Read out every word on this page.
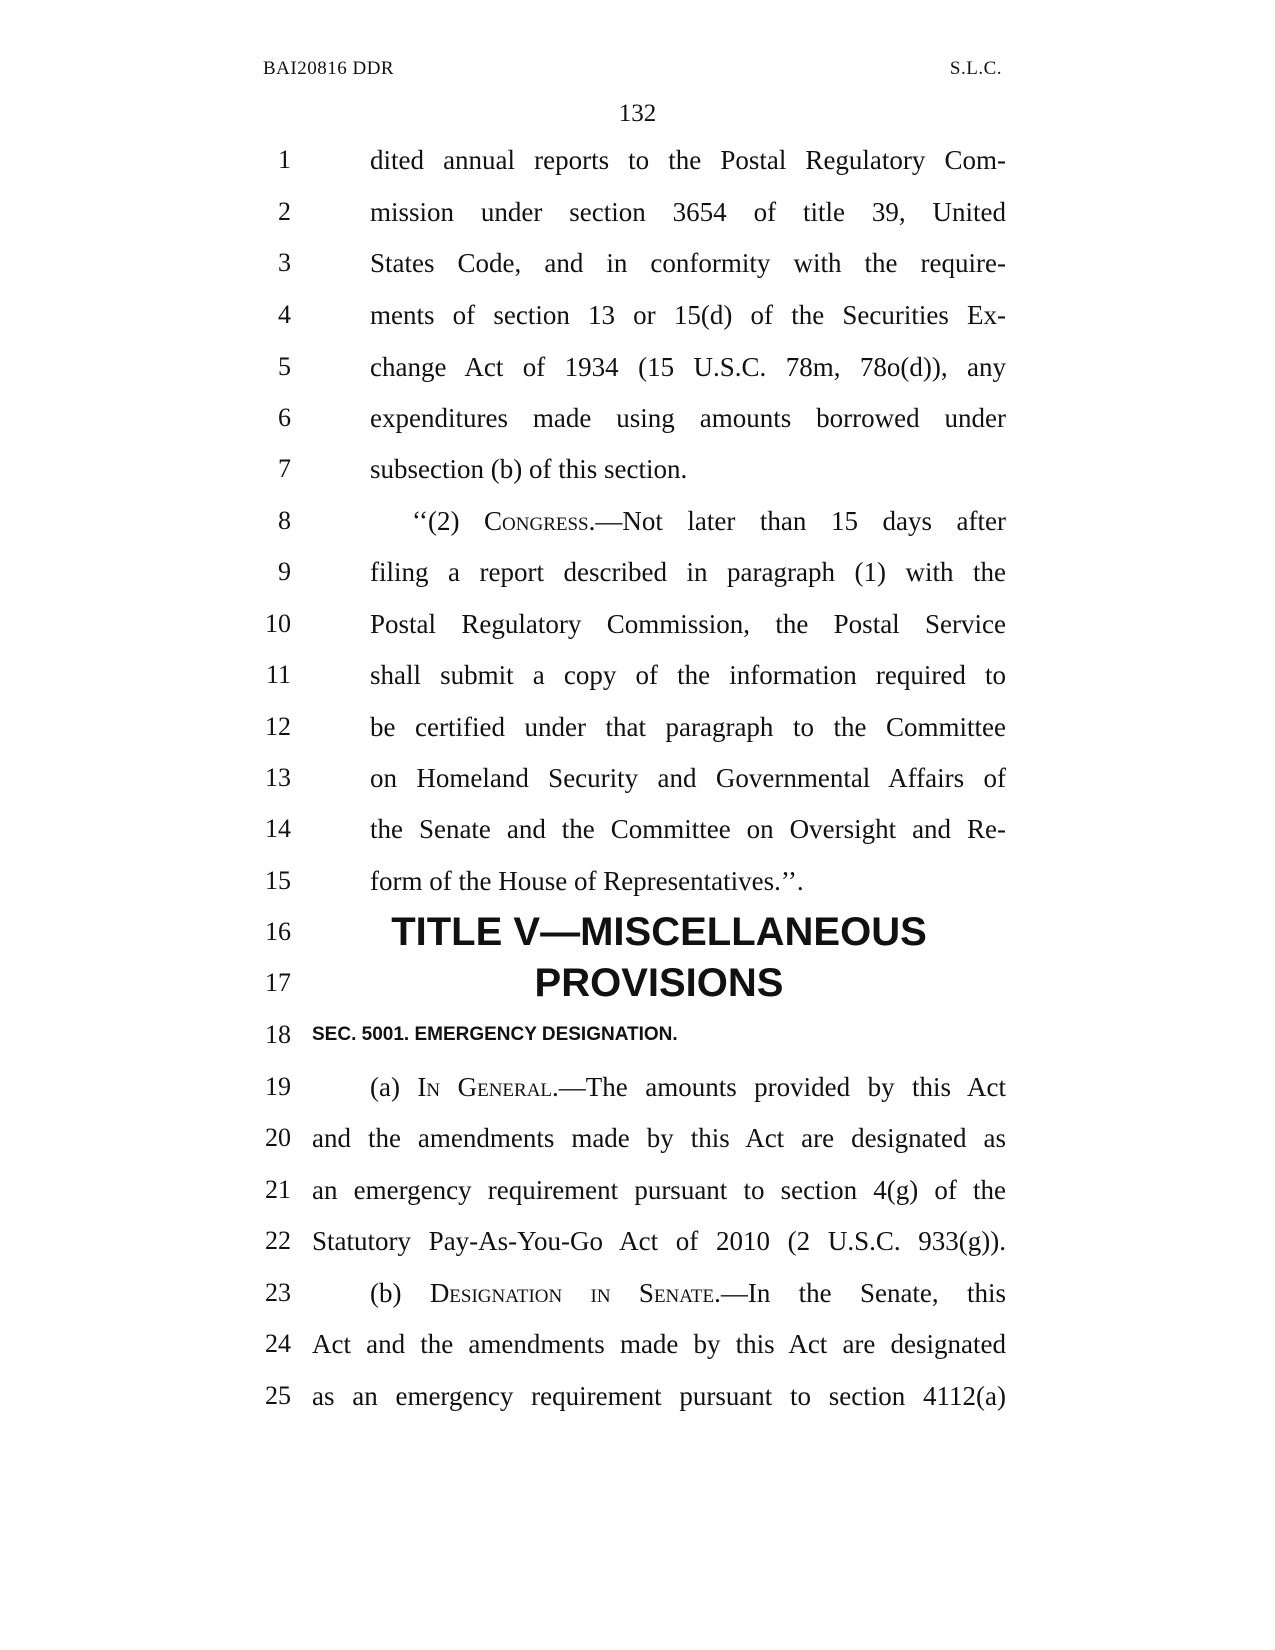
BAI20816 DDR	S.L.C.
132
1	dited annual reports to the Postal Regulatory Com-
2	mission under section 3654 of title 39, United
3	States Code, and in conformity with the require-
4	ments of section 13 or 15(d) of the Securities Ex-
5	change Act of 1934 (15 U.S.C. 78m, 78o(d)), any
6	expenditures made using amounts borrowed under
7	subsection (b) of this section.
8	‘‘(2) Congress.—Not later than 15 days after
9	filing a report described in paragraph (1) with the
10	Postal Regulatory Commission, the Postal Service
11	shall submit a copy of the information required to
12	be certified under that paragraph to the Committee
13	on Homeland Security and Governmental Affairs of
14	the Senate and the Committee on Oversight and Re-
15	form of the House of Representatives.’’.
16	TITLE V—MISCELLANEOUS
17	PROVISIONS
18 SEC. 5001. EMERGENCY DESIGNATION.
19	(a) In General.—The amounts provided by this Act
20 and the amendments made by this Act are designated as
21 an emergency requirement pursuant to section 4(g) of the
22 Statutory Pay-As-You-Go Act of 2010 (2 U.S.C. 933(g)).
23	(b) Designation in Senate.—In the Senate, this
24 Act and the amendments made by this Act are designated
25 as an emergency requirement pursuant to section 4112(a)
